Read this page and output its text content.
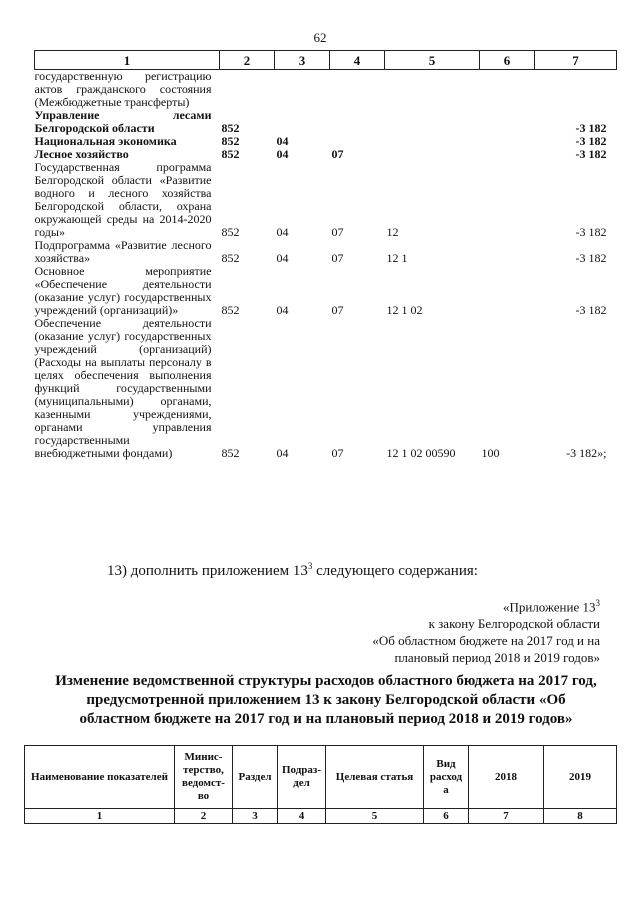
62
1	2	3	4	5	6	7
государственную регистрацию актов гражданского состояния (Межбюджетные трансферты)						
Управление лесами Белгородской области	852					-3 182
Национальная экономика	852	04				-3 182
Лесное хозяйство	852	04	07			-3 182
Государственная программа Белгородской области «Развитие водного и лесного хозяйства Белгородской области, охрана окружающей среды на 2014-2020 годы»	852	04	07	12		-3 182
Подпрограмма «Развитие лесного хозяйства»	852	04	07	12 1		-3 182
Основное мероприятие «Обеспечение деятельности (оказание услуг) государственных учреждений (организаций)»	852	04	07	12 1 02		-3 182
Обеспечение деятельности (оказание услуг) государственных учреждений (организаций) (Расходы на выплаты персоналу в целях обеспечения выполнения функций государственными (муниципальными) органами, казенными учреждениями, органами управления государственными внебюджетными фондами)	852	04	07	12 1 02 00590	100	-3 182»;
13) дополнить приложением $13^3$ следующего содержания:
«Приложение $13^3$
к закону Белгородской области
«Об областном бюджете на 2017 год и на
плановый период 2018 и 2019 годов»
Изменение ведомственной структуры расходов областного бюджета на 2017 год, предусмотренной приложением 13 к закону Белгородской области «Об областном бюджете на 2017 год и на плановый период 2018 и 2019 годов»
Наименование показателей	Минис-терство, ведомст-во	Раздел	Подраз-дел	Целевая статья	Вид расход а	2018	2019
1	2	3	4	5	6	7	8
